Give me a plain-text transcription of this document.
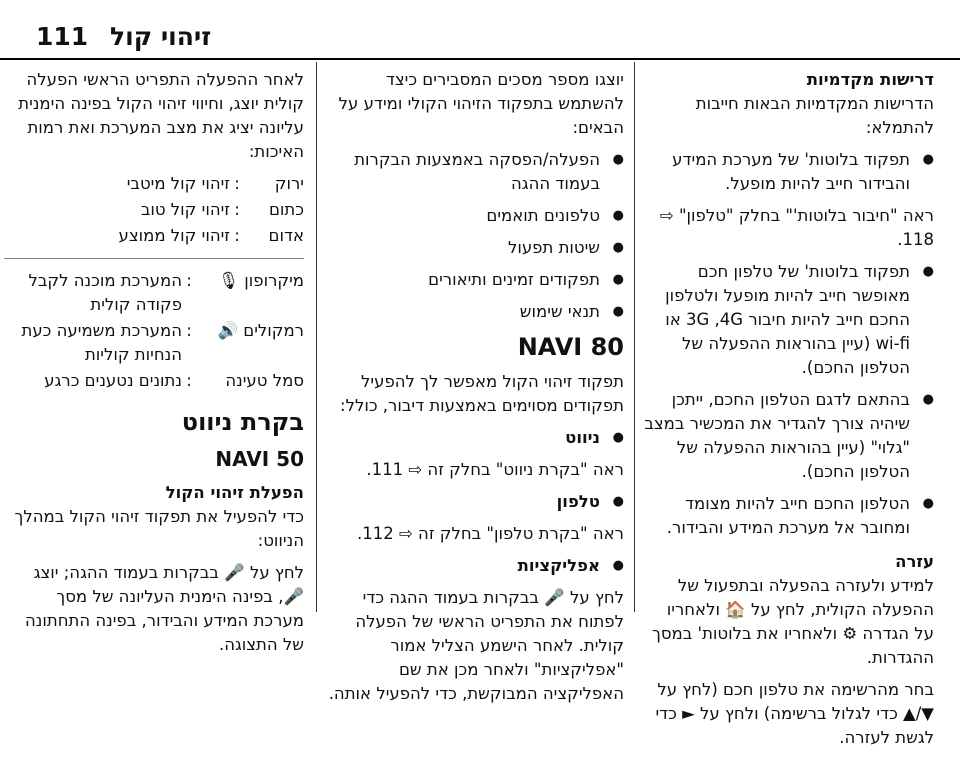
111 זיהוי קול
דרישות מקדמיות

הדרישות המקדמיות הבאות חייבות להתמלא:

● תפקוד בלוטות' של מערכת המידע והבידור חייב להיות מופעל.

ראה "חיבור בלוטות'" בחלק "טלפון" ⇨ 118.

● תפקוד בלוטות' של טלפון חכם מאופשר חייב להיות מופעל ולטלפון החכם חייב להיות חיבור 3G ,4G או wi-fi (עיין בהוראות ההפעלה של הטלפון החכם).
● בהתאם לדגם הטלפון החכם, ייתכן שיהיה צורך להגדיר את המכשיר במצב "גלוי" (עיין בהוראות ההפעלה של הטלפון החכם).
● הטלפון החכם חייב להיות מצומד ומחובר אל מערכת המידע והבידור.
עזרה

למידע ולעזרה בהפעלה ובתפעול של ההפעלה הקולית, לחץ על 🏠 ולאחריו על הגדרה ⚙ ולאחריו את בלוטות' במסך ההגדרות.

בחר מהרשימה את טלפון חכם (לחץ על ▼/▲ כדי לגלול ברשימה) ולחץ על ► כדי לגשת לעזרה.

יוצגו מספר מסכים המסבירים כיצד להשתמש בתפקוד הזיהוי הקולי ומידע על הבאים:

● הפעלה/הפסקה באמצעות הבקרות בעמוד ההגה
● טלפונים תואמים
● שיטות תפעול
● תפקודים זמינים ותיאורים
● תנאי שימוש
NAVI 80

תפקוד זיהוי הקול מאפשר לך להפעיל תפקודים מסוימים באמצעות דיבור, כולל:

● ניווט

ראה "בקרת ניווט" בחלק זה ⇨ 111.

● טלפון

ראה "בקרת טלפון" בחלק זה ⇨ 112.

● אפליקציות

לחץ על 🎤 בבקרות בעמוד ההגה כדי לפתוח את התפריט הראשי של הפעלה קולית. לאחר הישמע הצליל אמור "אפליקציות" ולאחר מכן את שם האפליקציה המבוקשת, כדי להפעיל אותה.

לאחר ההפעלה התפריט הראשי הפעלה קולית יוצג, וחיווי זיהוי הקול בפינה הימנית עליונה יציג את מצב המערכת ואת רמות האיכות:

ירוק
:
זיהוי קול מיטבי
כתום
:
זיהוי קול טוב
אדום
:
זיהוי קול ממוצע
מיקרופון 🎙
:
המערכת מוכנה לקבל פקודה קולית
רמקולים 🔊
:
המערכת משמיעה כעת הנחיות קוליות
סמל טעינה
:
נתונים נטענים כרגע
בקרת ניווט
NAVI 50
הפעלת זיהוי הקול

כדי להפעיל את תפקוד זיהוי הקול במהלך הניווט:

לחץ על 🎤 בבקרות בעמוד ההגה; יוצג 🎤, בפינה הימנית העליונה של מסך מערכת המידע והבידור, בפינה התחתונה של התצוגה.
